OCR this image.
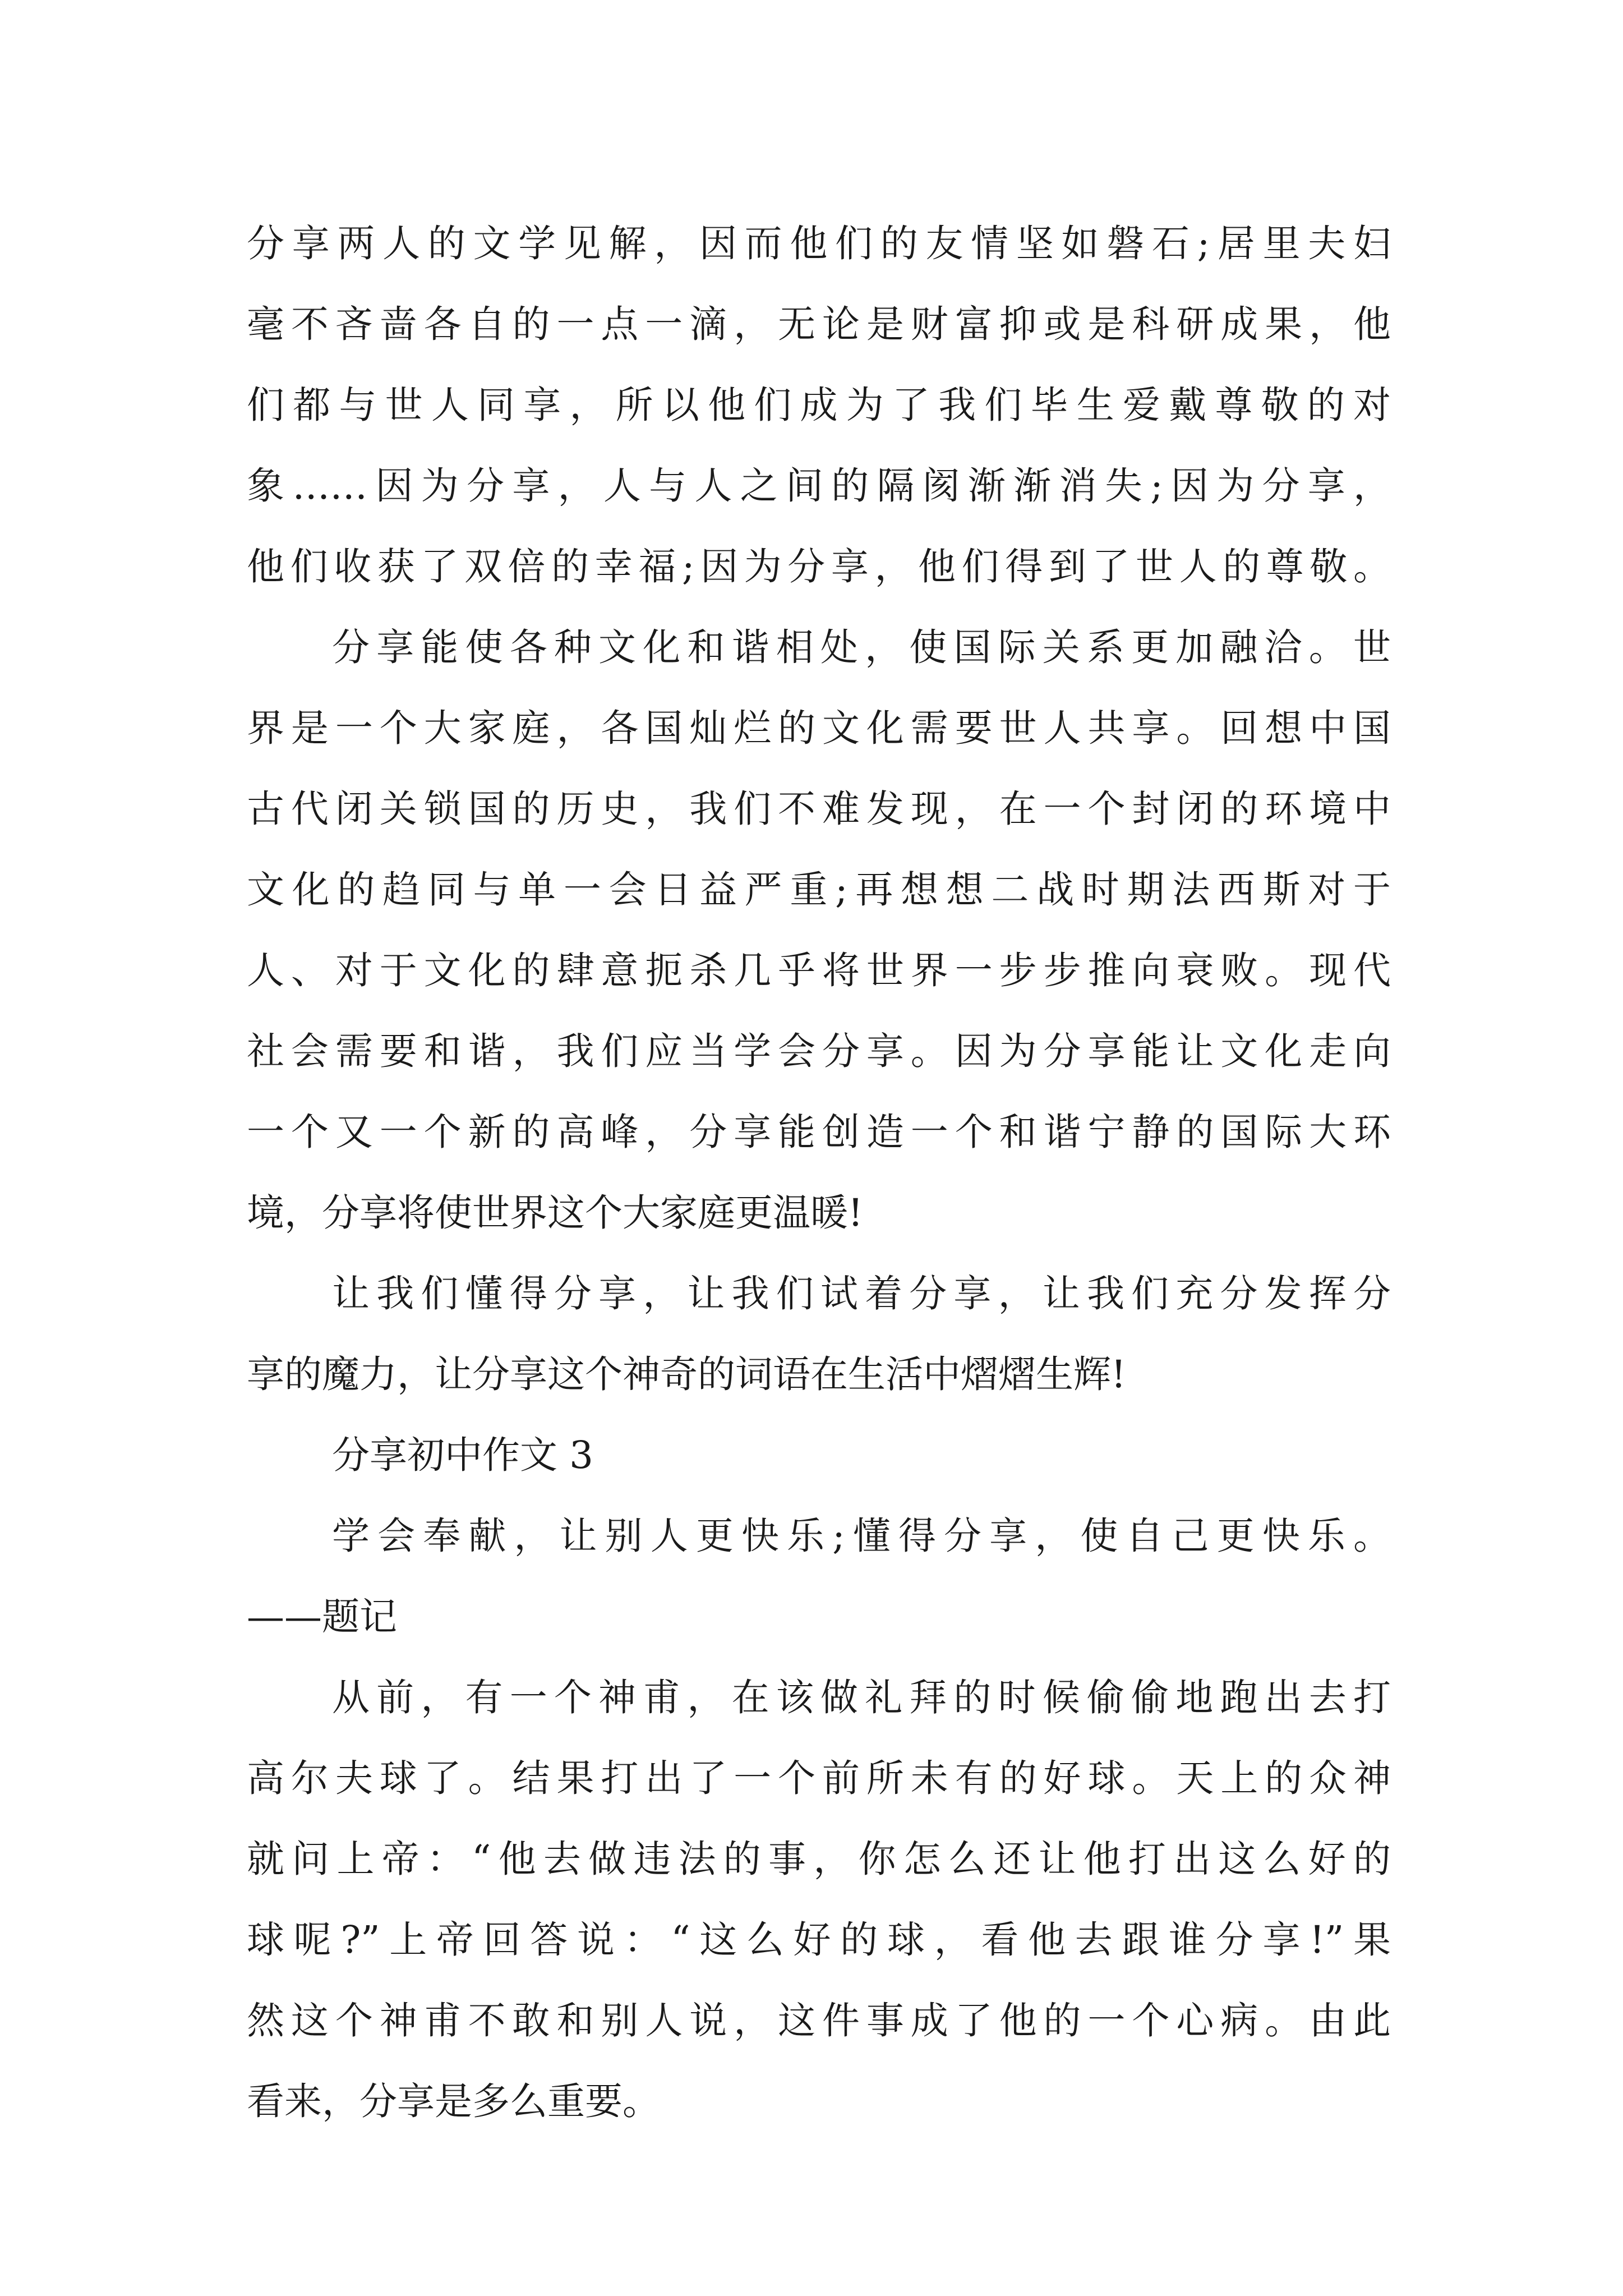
分享两人的文学见解，因而他们的友情坚如磐石;居里夫妇
毫不吝啬各自的一点一滴，无论是财富抑或是科研成果，他
们都与世人同享，所以他们成为了我们毕生爱戴尊敬的对
象……因为分享，人与人之间的隔阂渐渐消失;因为分享，
他们收获了双倍的幸福;因为分享，他们得到了世人的尊敬。
分享能使各种文化和谐相处，使国际关系更加融洽。世
界是一个大家庭，各国灿烂的文化需要世人共享。回想中国
古代闭关锁国的历史，我们不难发现，在一个封闭的环境中
文化的趋同与单一会日益严重;再想想二战时期法西斯对于
人、对于文化的肆意扼杀几乎将世界一步步推向衰败。现代
社会需要和谐，我们应当学会分享。因为分享能让文化走向
一个又一个新的高峰，分享能创造一个和谐宁静的国际大环
境，分享将使世界这个大家庭更温暖!
让我们懂得分享，让我们试着分享，让我们充分发挥分
享的魔力，让分享这个神奇的词语在生活中熠熠生辉!
分享初中作文 3
学会奉献，让别人更快乐;懂得分享，使自己更快乐。
——题记
从前，有一个神甫，在该做礼拜的时候偷偷地跑出去打
高尔夫球了。结果打出了一个前所未有的好球。天上的众神
就问上帝：“他去做违法的事，你怎么还让他打出这么好的
球呢?”上帝回答说：“这么好的球，看他去跟谁分享!”果
然这个神甫不敢和别人说，这件事成了他的一个心病。由此
看来，分享是多么重要。
